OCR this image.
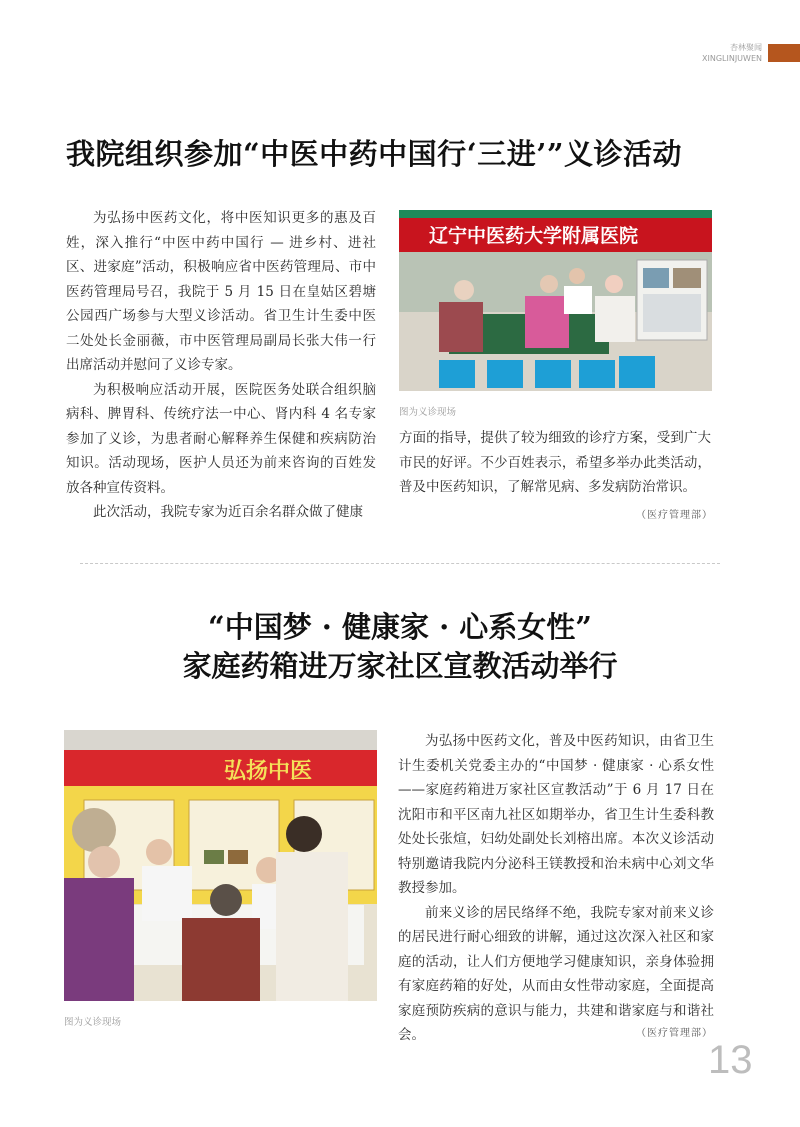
杏林聚闻
XINGLINJUWEN
我院组织参加“中医中药中国行‘三进’”义诊活动

为弘扬中医药文化，将中医知识更多的惠及百姓，深入推行“中医中药中国行 — 进乡村、进社区、进家庭”活动，积极响应省中医药管理局、市中医药管理局号召，我院于 5 月 15 日在皇姑区碧塘公园西广场参与大型义诊活动。省卫生计生委中医二处处长金丽薇，市中医管理局副局长张大伟一行出席活动并慰问了义诊专家。

为积极响应活动开展，医院医务处联合组织脑病科、脾胃科、传统疗法一中心、肾内科 4 名专家参加了义诊，为患者耐心解释养生保健和疾病防治知识。活动现场，医护人员还为前来咨询的百姓发放各种宣传资料。

此次活动，我院专家为近百余名群众做了健康

辽宁中医药大学附属医院
图为义诊现场

方面的指导，提供了较为细致的诊疗方案，受到广大市民的好评。不少百姓表示，希望多举办此类活动，普及中医药知识，了解常见病、多发病防治常识。

（医疗管理部）
“中国梦 · 健康家 · 心系女性”
家庭药箱进万家社区宣教活动举行
弘扬中医
图为义诊现场

为弘扬中医药文化，普及中医药知识，由省卫生计生委机关党委主办的“中国梦 · 健康家 · 心系女性——家庭药箱进万家社区宣教活动”于 6 月 17 日在沈阳市和平区南九社区如期举办，省卫生计生委科教处处长张煊，妇幼处副处长刘榕出席。本次义诊活动特别邀请我院内分泌科王镁教授和治未病中心刘文华教授参加。

前来义诊的居民络绎不绝，我院专家对前来义诊的居民进行耐心细致的讲解，通过这次深入社区和家庭的活动，让人们方便地学习健康知识，亲身体验拥有家庭药箱的好处，从而由女性带动家庭，全面提高家庭预防疾病的意识与能力，共建和谐家庭与和谐社会。	（医疗管理部）
13
